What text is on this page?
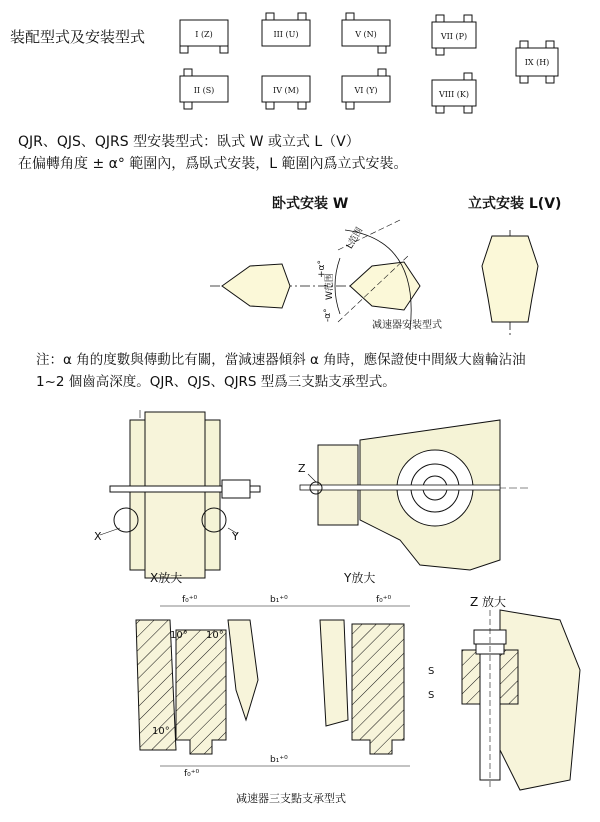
装配型式及安装型式	I (Z)	III (U)	V (N)	VII (P)
IX (H)
II (S)	IV (M)	VI (Y)	VIII (K)
QJR、QJS、QJRS 型安裝型式：臥式 W 或立式 L（V）
在偏轉角度 ± α° 範圍內，爲臥式安裝，L 範圍內爲立式安裝。
卧式安装 W	立式安装 L(V)
L范围
+α°
W范围
-α°
减速器安装型式
注：α 角的度數與傳動比有關，當減速器傾斜 α 角時，應保證使中間級大齒輪沾油
1~2 個齒高深度。QJR、QJS、QJRS 型爲三支點支承型式。
X	Y
Z
X放大	Y放大
f₀⁺⁰	b₁⁺⁰	f₀⁺⁰
10° 10°
10°
f₀⁺⁰
b₁⁺⁰
S
S
Z 放大
减速器三支點支承型式
